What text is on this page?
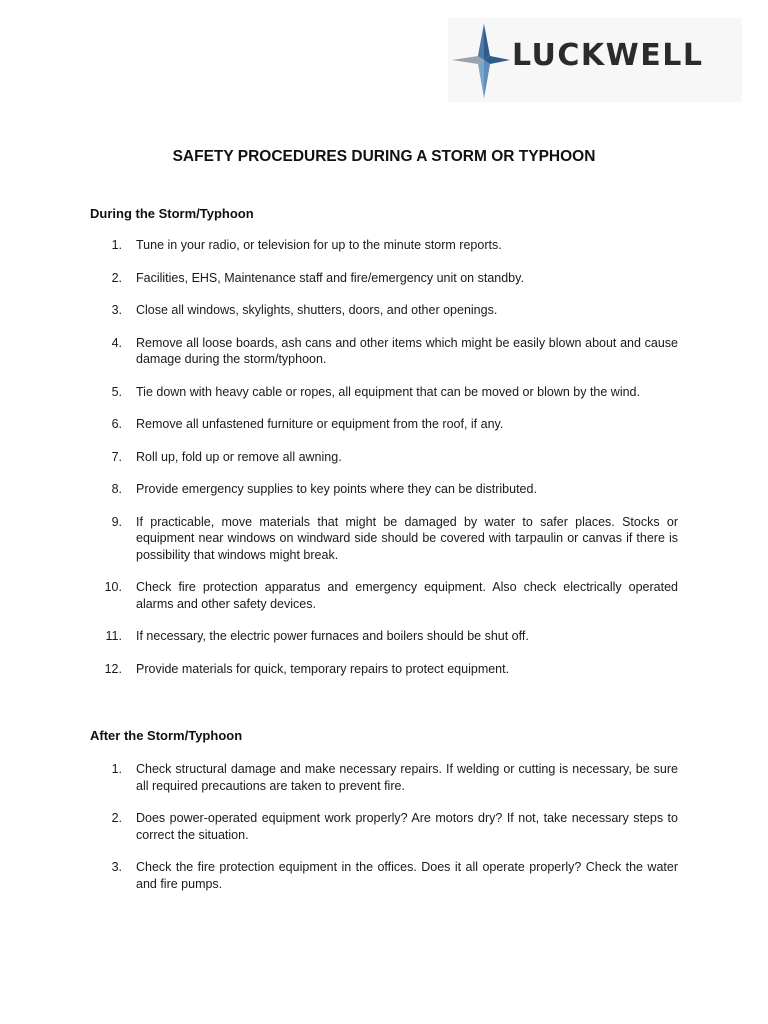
LUCKWELL
SAFETY PROCEDURES DURING A STORM OR TYPHOON
During the Storm/Typhoon
1 .	Tune in your radio, or television for up to the minute storm reports.
2 .	Facilities, EHS, Maintenance staff and fire/emergency unit on standby.
3 .	Close all windows, skylights, shutters, doors, and other openings.
4 .	Remove all loose boards, ash cans and other items which might be easily blown about and cause damage during the storm/typhoon.
5 .	Tie down with heavy cable or ropes, all equipment that can be moved or blown by the wind.
6 .	Remove all unfastened furniture or equipment from the roof, if any.
7 .	Roll up, fold up or remove all awning.
8 .	Provide emergency supplies to key points where they can be distributed.
9 .	If practicable, move materials that might be damaged by water to safer places. Stocks or equipment near windows on windward side should be covered with tarpaulin or canvas if there is possibility that windows might break.
10 .	Check fire protection apparatus and emergency equipment. Also check electrically operated alarms and other safety devices.
11 .	If necessary, the electric power furnaces and boilers should be shut off.
12 .	Provide materials for quick, temporary repairs to protect equipment.
After the Storm/Typhoon
1 .	Check structural damage and make necessary repairs. If welding or cutting is necessary, be sure all required precautions are taken to prevent fire.
2 .	Does power-operated equipment work properly? Are motors dry? If not, take necessary steps to correct the situation.
3 .	Check the fire protection equipment in the offices. Does it all operate properly? Check the water and fire pumps.
